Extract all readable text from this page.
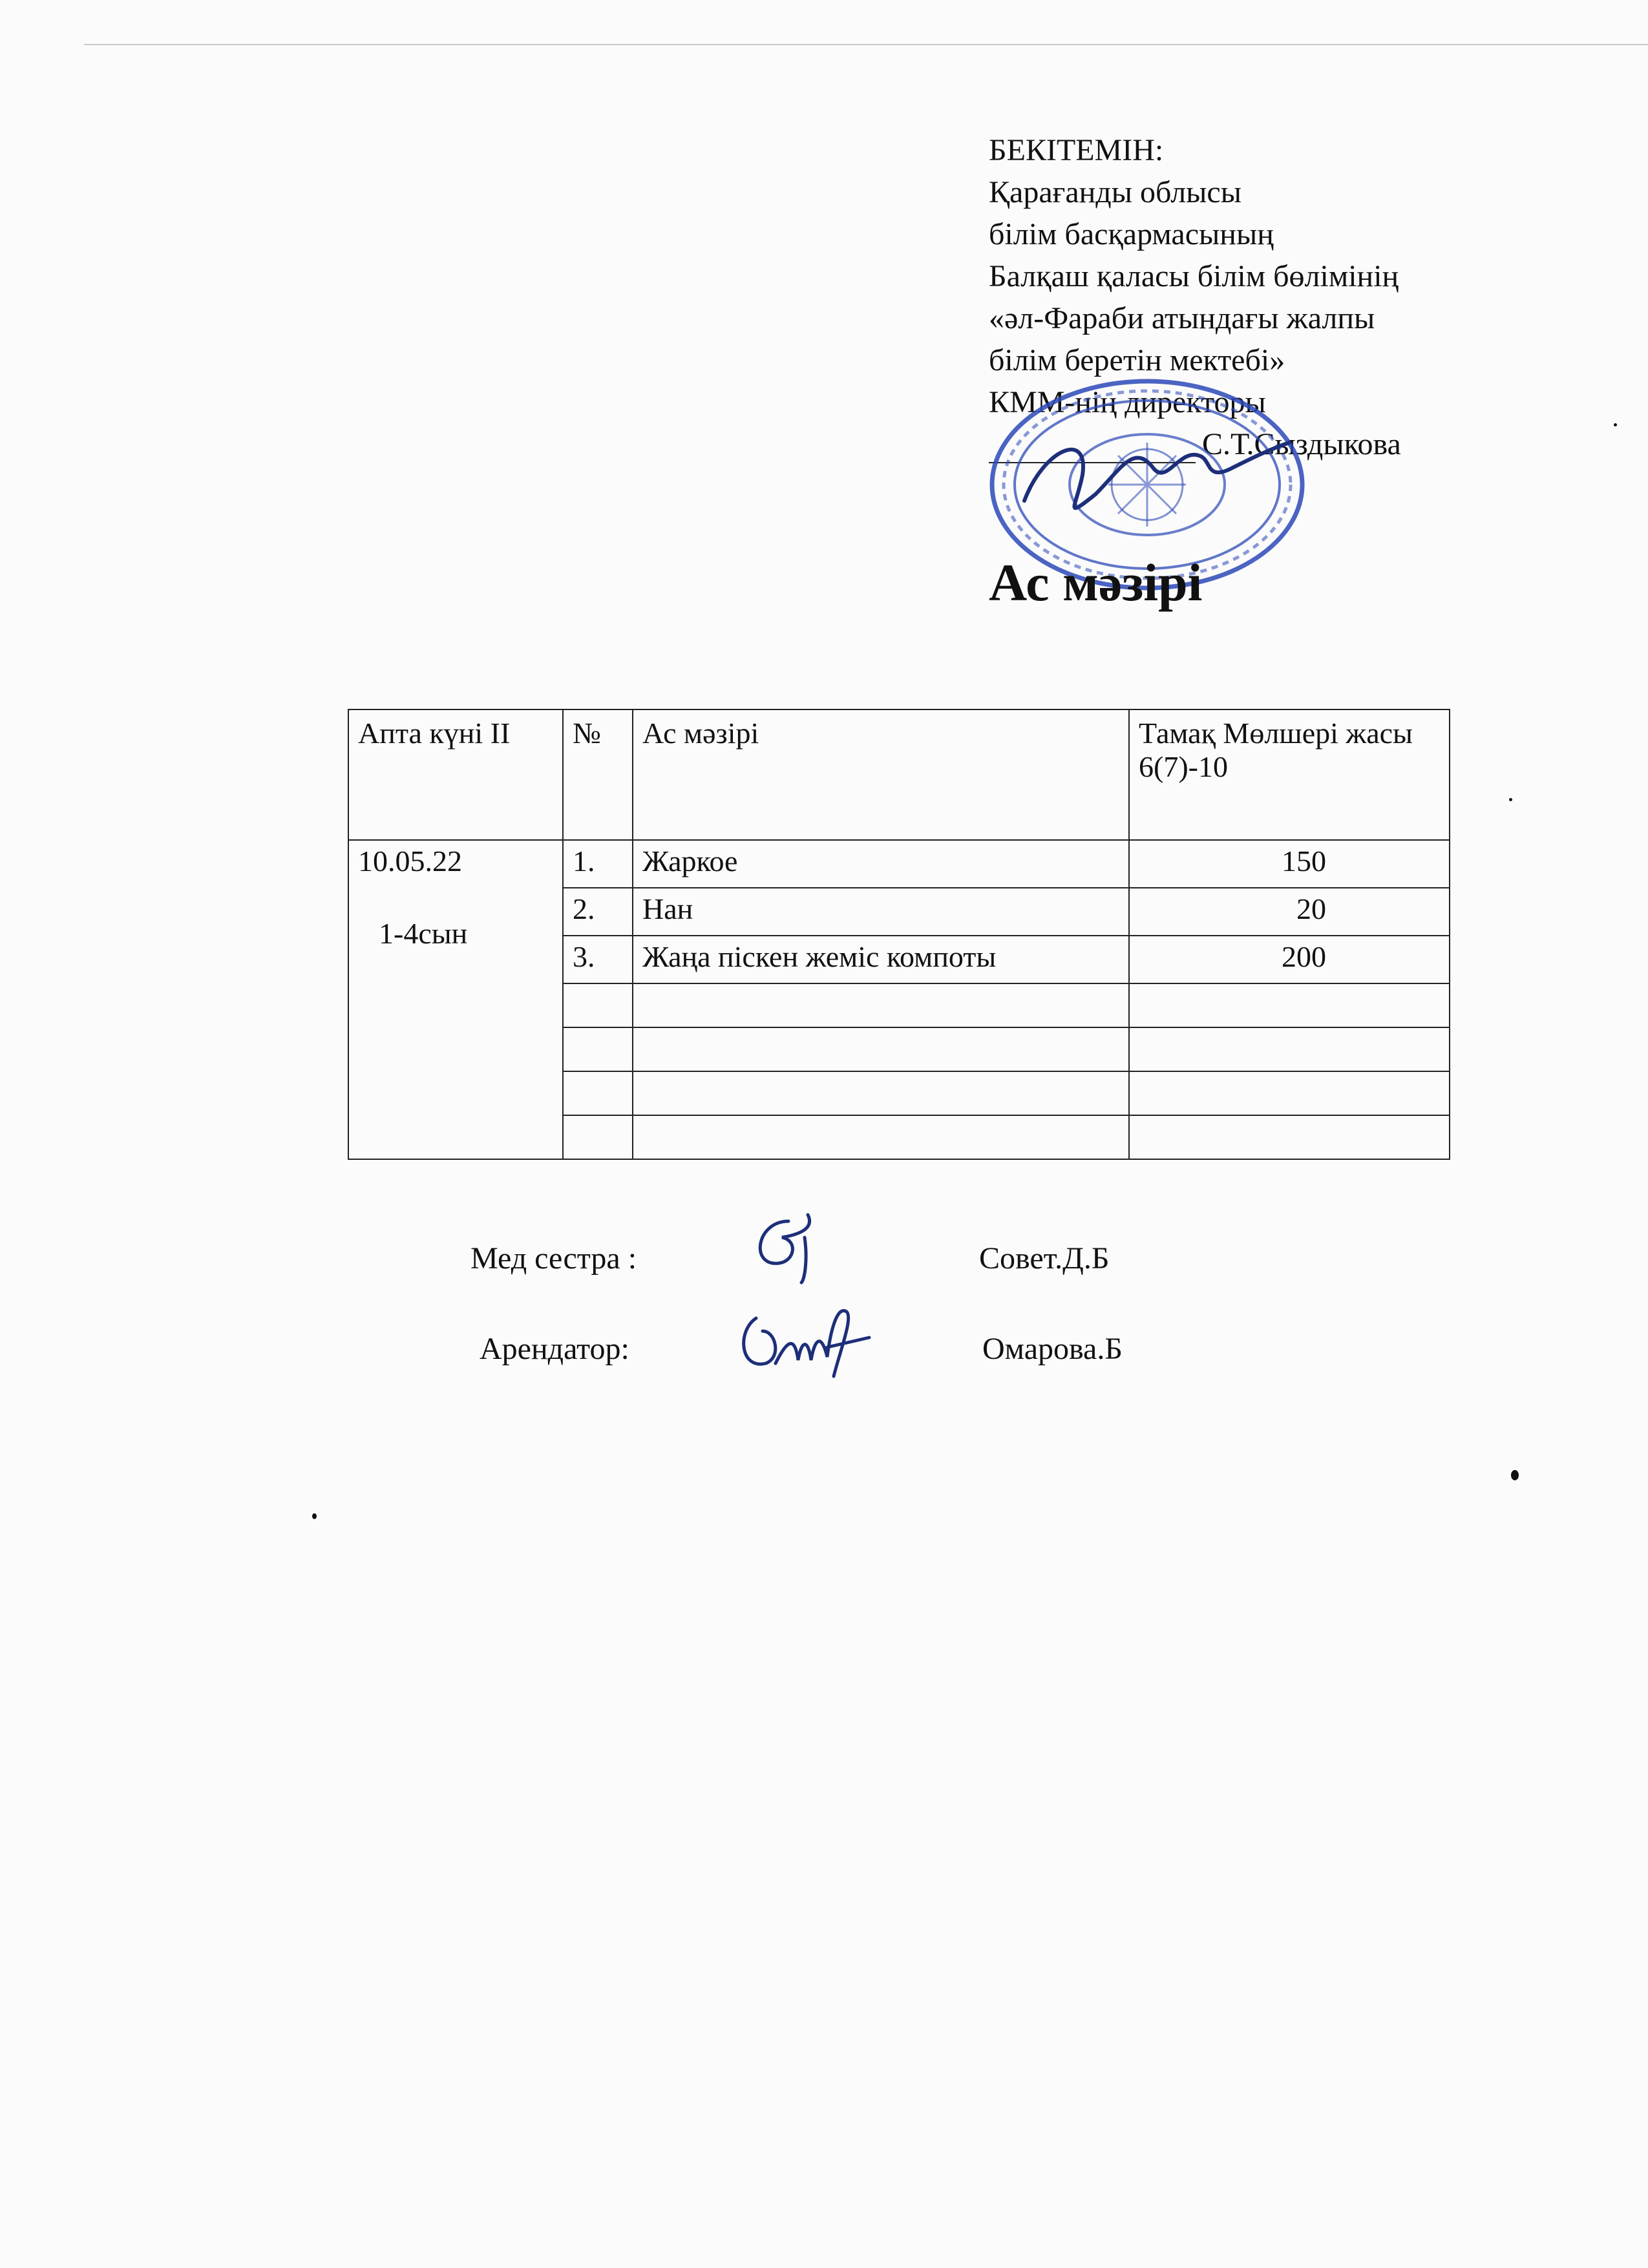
БЕКІТЕМІН:
Қарағанды облысы
білім басқармасының
Балқаш қаласы білім бөлімінің
«әл-Фараби атындағы жалпы
білім беретін мектебі»
КММ-нің директоры
С.Т.Сыздыкова
Ас мәзірі
Апта күні II	№	Ас мәзірі	Тамақ Мөлшері жасы 6(7)-10

10.05.22
1-4сын	1.	Жаркое	150
	2.	Нан	20
	3.	Жаңа піскен жеміс компоты	200

Мед сестра :	Совет.Д.Б
Арендатор:	Омарова.Б
